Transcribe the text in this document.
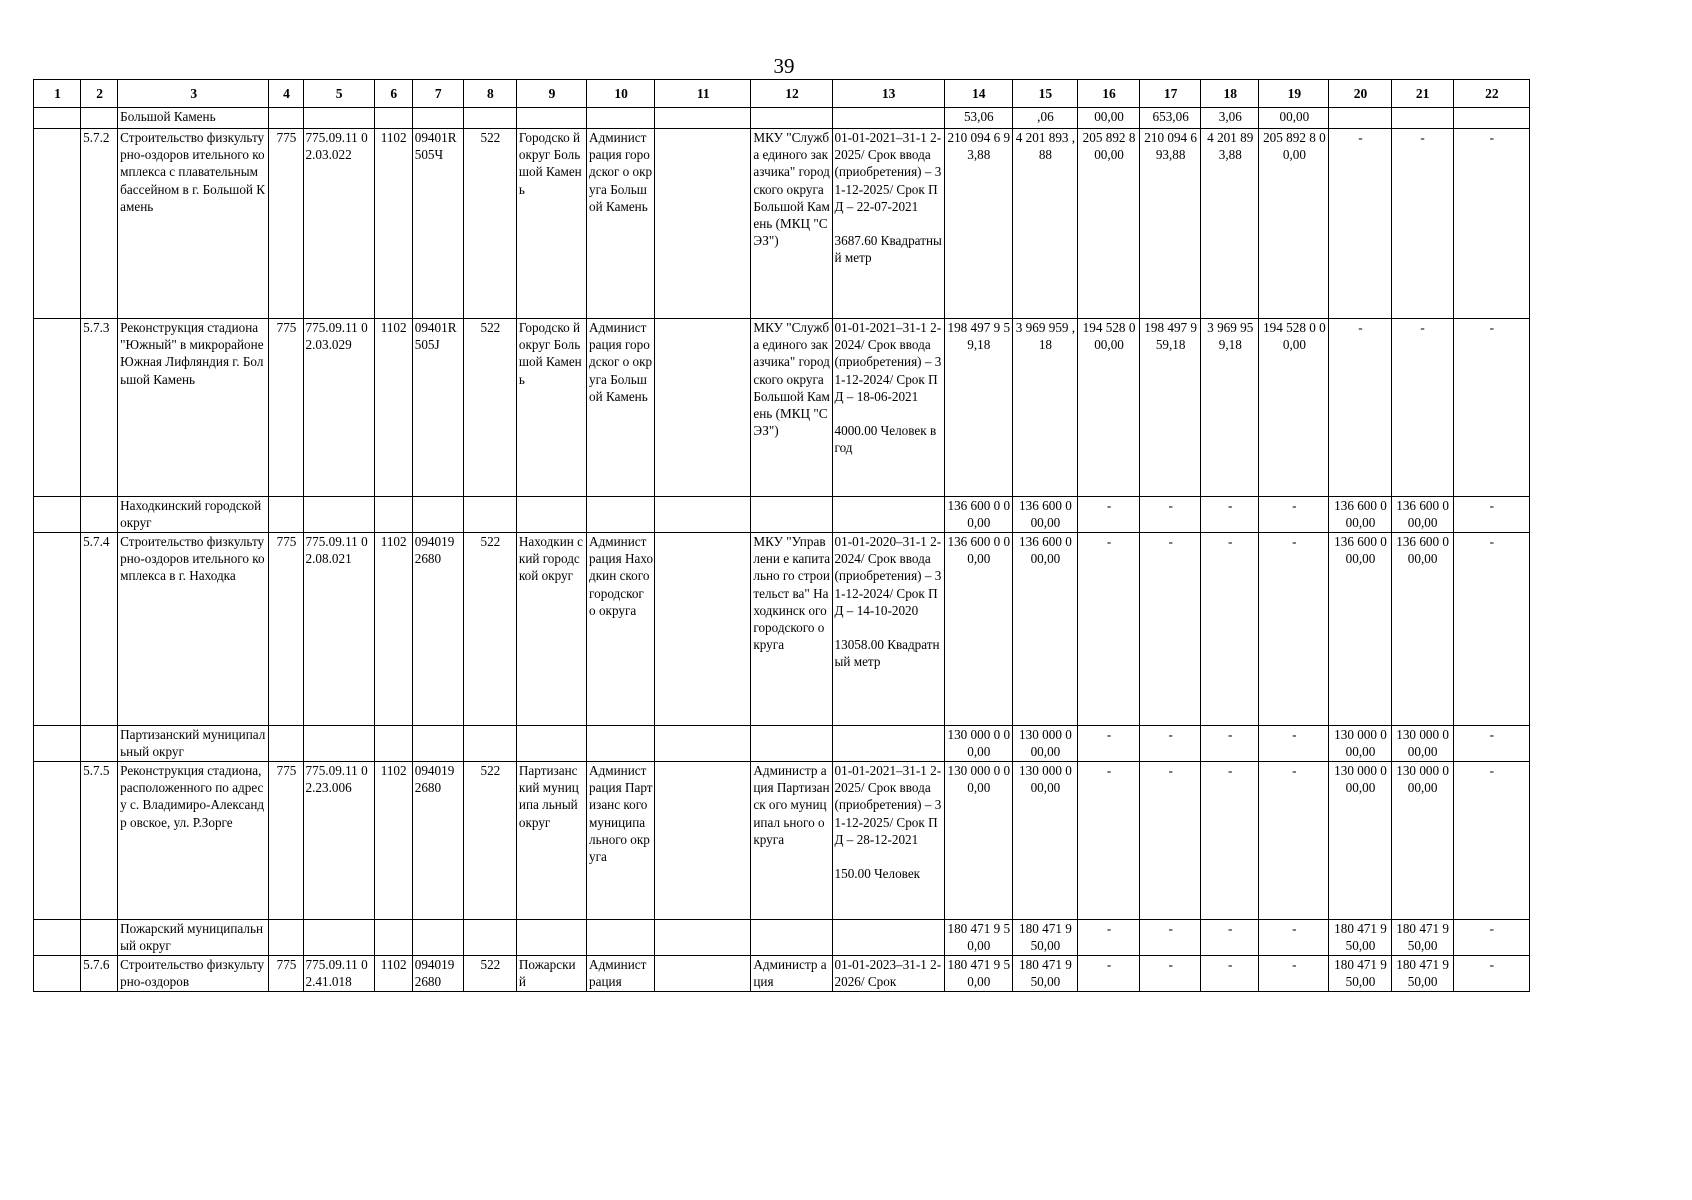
39
1	2	3	4	5	6	7	8	9	10	11	12	13	14	15	16	17	18	19	20	21	22
		Большой Камень											53,06	,06	00,00	653,06	3,06	00,00			
	5.7.2	Строительство физкультурно-оздоров ительного комплекса с плавательным бассейном в г. Большой Камень	775	775.09.11 02.03.022	1102	09401R 505Ч	522	Городско й округ Большой Камень	Админист рация городског о округа Большой Камень		МКУ "Служба единого заказчика" городского округа Большой Камень (МКЦ "СЭЗ")	01-01-2021–31-1 2-2025/ Срок ввода (приобретения) – 31-12-2025/ Срок ПД – 22-07-2021

3687.60 Квадратный метр	210 094 6 93,88	4 201 893 ,88	205 892 8 00,00	210 094 693,88	4 201 89 3,88	205 892 8 00,00	-	-	-
	5.7.3	Реконструкция стадиона "Южный" в микрорайоне Южная Лифляндия г. Большой Камень	775	775.09.11 02.03.029	1102	09401R 505J	522	Городско й округ Большой Камень	Админист рация городског о округа Большой Камень		МКУ "Служба единого заказчика" городского округа Большой Камень (МКЦ "СЭЗ")	01-01-2021–31-1 2-2024/ Срок ввода (приобретения) – 31-12-2024/ Срок ПД – 18-06-2021

4000.00 Человек в год	198 497 9 59,18	3 969 959 ,18	194 528 0 00,00	198 497 959,18	3 969 95 9,18	194 528 0 00,00	-	-	-
		Находкинский городской округ											136 600 0 00,00	136 600 0 00,00	-	-	-	-	136 600 0 00,00	136 600 0 00,00	-
	5.7.4	Строительство физкультурно-оздоров ительного комплекса в г. Находка	775	775.09.11 02.08.021	1102	094019 2680	522	Находкин ский городской округ	Админист рация Находкин ского городског о округа		МКУ "Управлени е капитально го строительст ва" Находкинск ого городского округа	01-01-2020–31-1 2-2024/ Срок ввода (приобретения) – 31-12-2024/ Срок ПД – 14-10-2020

13058.00 Квадратный метр	136 600 0 00,00	136 600 0 00,00	-	-	-	-	136 600 0 00,00	136 600 0 00,00	-
		Партизанский муниципальный округ											130 000 0 00,00	130 000 0 00,00	-	-	-	-	130 000 0 00,00	130 000 0 00,00	-
	5.7.5	Реконструкция стадиона, расположенного по адресу с. Владимиро-Александр овское, ул. Р.Зорге	775	775.09.11 02.23.006	1102	094019 2680	522	Партизанс кий муниципа льный округ	Админист рация Партизанс кого муниципа льного округа		Администр ация Партизанск ого муниципал ьного округа	01-01-2021–31-1 2-2025/ Срок ввода (приобретения) – 31-12-2025/ Срок ПД – 28-12-2021

150.00 Человек	130 000 0 00,00	130 000 0 00,00	-	-	-	-	130 000 0 00,00	130 000 0 00,00	-
		Пожарский муниципальный округ											180 471 9 50,00	180 471 9 50,00	-	-	-	-	180 471 9 50,00	180 471 9 50,00	-
	5.7.6	Строительство физкультурно-оздоров	775	775.09.11 02.41.018	1102	094019 2680	522	Пожарски й	Админист рация		Администр ация	01-01-2023–31-1 2-2026/ Срок	180 471 9 50,00	180 471 9 50,00	-	-	-	-	180 471 9 50,00	180 471 9 50,00	-
